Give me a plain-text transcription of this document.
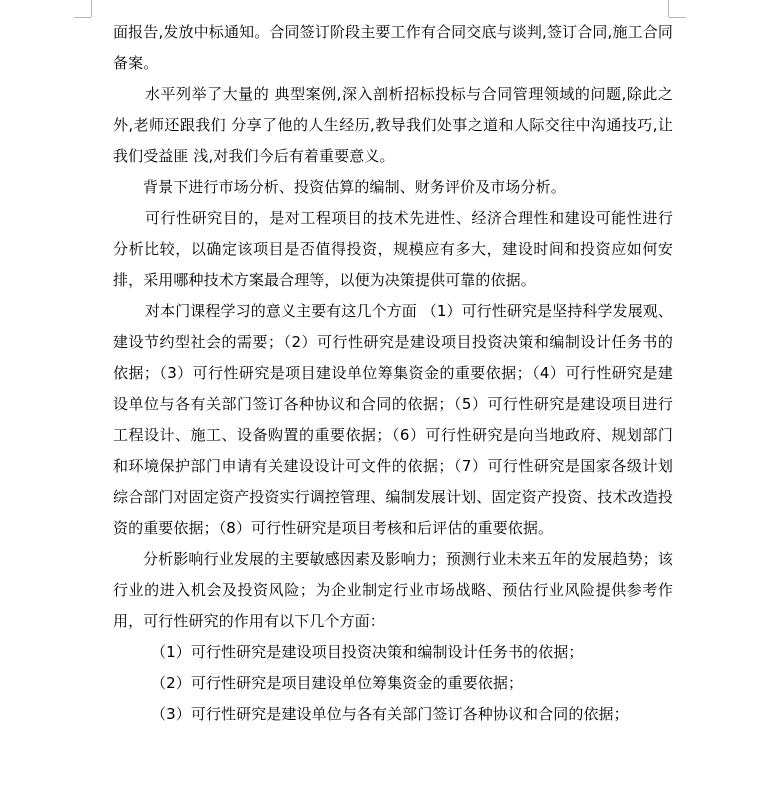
面报告,发放中标通知。合同签订阶段主要工作有合同交底与谈判,签订合同,施工合同备案。

水平列举了大量的 典型案例,深入剖析招标投标与合同管理领域的问题,除此之外,老师还跟我们 分享了他的人生经历,教导我们处事之道和人际交往中沟通技巧,让我们受益匪 浅,对我们今后有着重要意义。

背景下进行市场分析、投资估算的编制、财务评价及市场分析。

可行性研究目的，是对工程项目的技术先进性、经济合理性和建设可能性进行分析比较，以确定该项目是否值得投资，规模应有多大，建设时间和投资应如何安排，采用哪种技术方案最合理等，以便为决策提供可靠的依据。

对本门课程学习的意义主要有这几个方面 （1）可行性研究是坚持科学发展观、建设节约型社会的需要；（2）可行性研究是建设项目投资决策和编制设计任务书的依据；（3）可行性研究是项目建设单位筹集资金的重要依据；（4）可行性研究是建设单位与各有关部门签订各种协议和合同的依据；（5）可行性研究是建设项目进行工程设计、施工、设备购置的重要依据；（6）可行性研究是向当地政府、规划部门和环境保护部门申请有关建设设计可文件的依据；（7）可行性研究是国家各级计划综合部门对固定资产投资实行调控管理、编制发展计划、固定资产投资、技术改造投资的重要依据；（8）可行性研究是项目考核和后评估的重要依据。

分析影响行业发展的主要敏感因素及影响力；预测行业未来五年的发展趋势；该行业的进入机会及投资风险；为企业制定行业市场战略、预估行业风险提供参考作用，可行性研究的作用有以下几个方面：

（1）可行性研究是建设项目投资决策和编制设计任务书的依据；

（2）可行性研究是项目建设单位筹集资金的重要依据；

（3）可行性研究是建设单位与各有关部门签订各种协议和合同的依据；
